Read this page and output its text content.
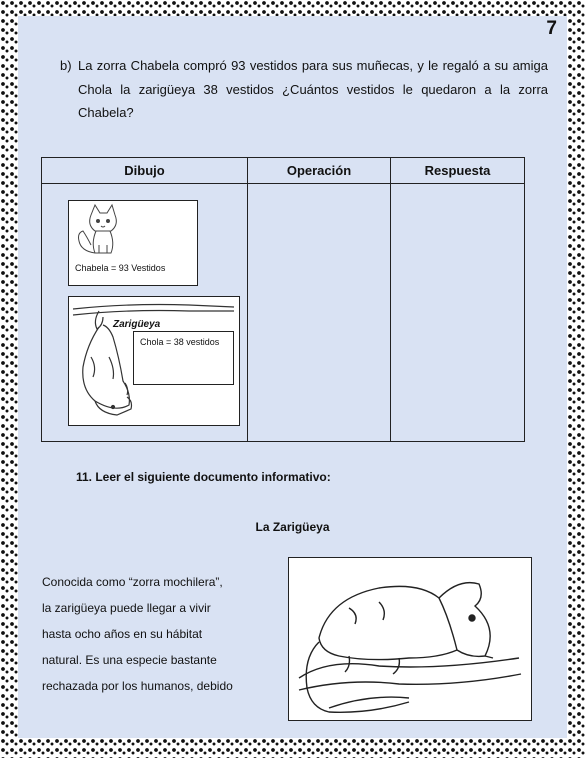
7
b) La zorra Chabela compró 93 vestidos para sus muñecas, y le regaló a su amiga Chola la zarigüeya 38 vestidos ¿Cuántos vestidos le quedaron a la zorra Chabela?
Dibujo	Operación	Respuesta

Chabela = 93 Vestidos
Zarigüeya
Chola = 38 vestidos		

11. Leer el siguiente documento informativo:
La Zarigüeya
Conocida como “zorra mochilera”,
la zarigüeya puede llegar a vivir
hasta ocho años en su hábitat
natural. Es una especie bastante
rechazada por los humanos, debido
